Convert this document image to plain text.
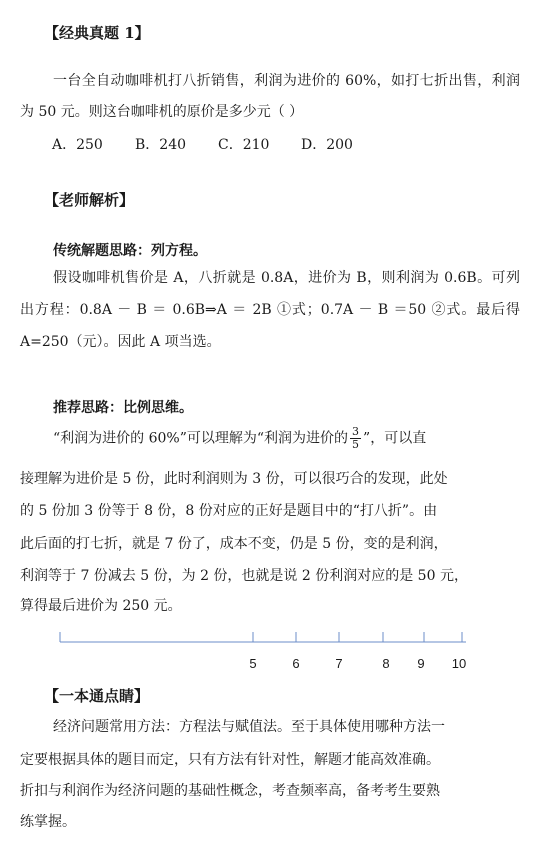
【经典真题 1】
一台全自动咖啡机打八折销售，利润为进价的 60%，如打七折出售，利润为 50 元。则这台咖啡机的原价是多少元（ ）
A．250	B．240	C．210	D．200
【老师解析】
传统解题思路：列方程。
假设咖啡机售价是 A，八折就是 0.8A，进价为 B，则利润为 0.6B。可列出方程：0.8A － B ＝ 0.6B⇒A ＝ 2B ①式；0.7A － B ＝50 ②式。最后得 A=250（元）。因此 A 项当选。
推荐思路：比例思维。
“利润为进价的 60%”可以理解为“利润为进价的 $\frac{3}{5}$ ”，可以直
接理解为进价是 5 份，此时利润则为 3 份，可以很巧合的发现，此处
的 5 份加 3 份等于 8 份，8 份对应的正好是题目中的“打八折”。由
此后面的打七折，就是 7 份了，成本不变，仍是 5 份，变的是利润，
利润等于 7 份减去 5 份，为 2 份，也就是说 2 份利润对应的是 50 元，
算得最后进价为 250 元。
5	6	7	8 9 10
【一本通点睛】
经济问题常用方法：方程法与赋值法。至于具体使用哪种方法一
定要根据具体的题目而定，只有方法有针对性，解题才能高效准确。
折扣与利润作为经济问题的基础性概念，考查频率高，备考考生要熟
练掌握。
